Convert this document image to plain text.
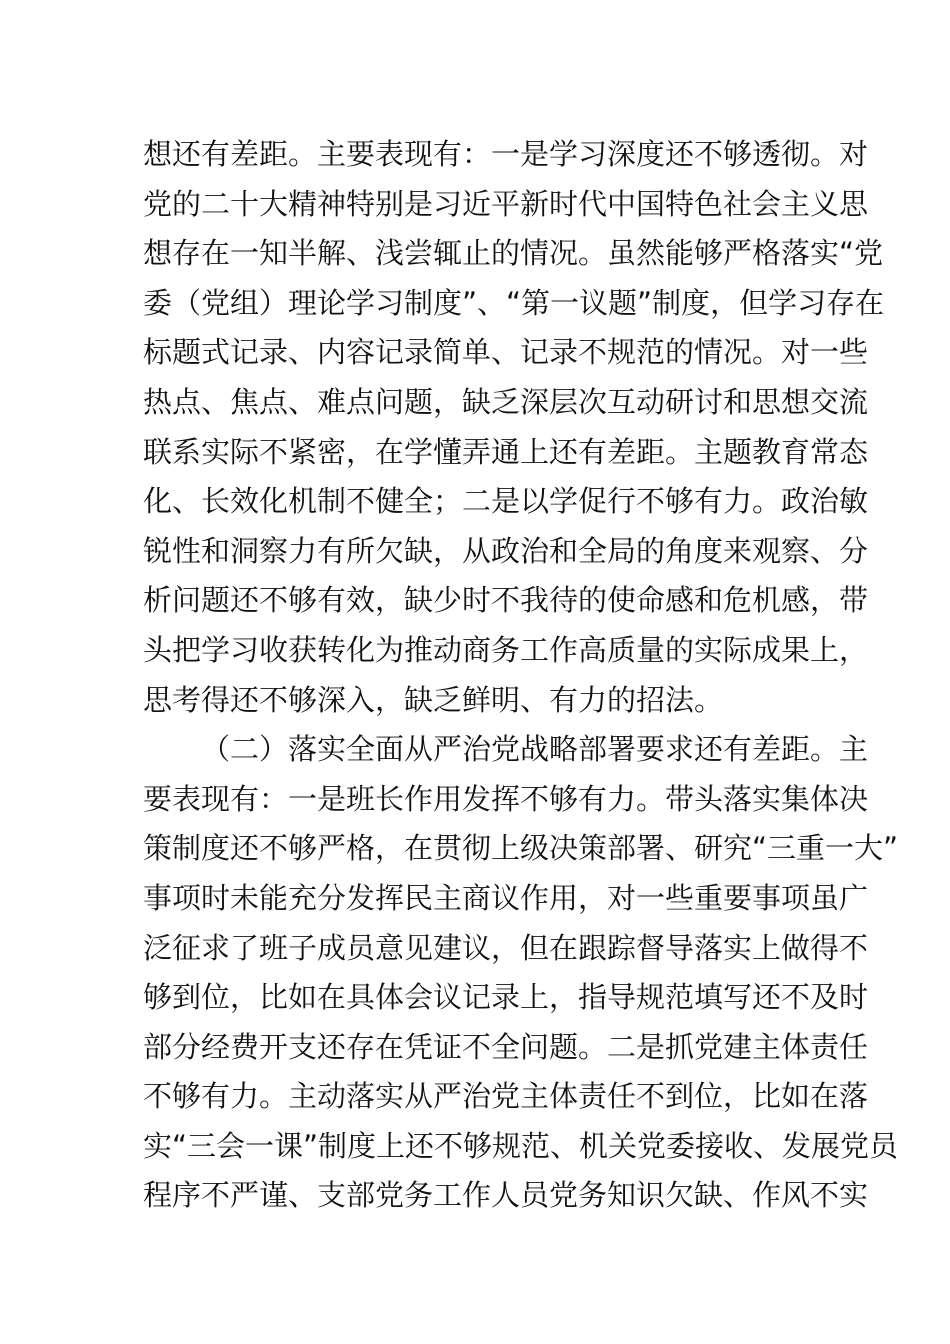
想还有差距。主要表现有：一是学习深度还不够透彻。对
党的二十大精神特别是习近平新时代中国特色社会主义思
想存在一知半解、浅尝辄止的情况。虽然能够严格落实“党
委（党组）理论学习制度”、“第一议题”制度，但学习存在
标题式记录、内容记录简单、记录不规范的情况。对一些
热点、焦点、难点问题，缺乏深层次互动研讨和思想交流
联系实际不紧密，在学懂弄通上还有差距。主题教育常态
化、长效化机制不健全；二是以学促行不够有力。政治敏
锐性和洞察力有所欠缺，从政治和全局的角度来观察、分
析问题还不够有效，缺少时不我待的使命感和危机感，带
头把学习收获转化为推动商务工作高质量的实际成果上，
思考得还不够深入，缺乏鲜明、有力的招法。
（二）落实全面从严治党战略部署要求还有差距。主
要表现有：一是班长作用发挥不够有力。带头落实集体决
策制度还不够严格，在贯彻上级决策部署、研究“三重一大”
事项时未能充分发挥民主商议作用，对一些重要事项虽广
泛征求了班子成员意见建议，但在跟踪督导落实上做得不
够到位，比如在具体会议记录上，指导规范填写还不及时
部分经费开支还存在凭证不全问题。二是抓党建主体责任
不够有力。主动落实从严治党主体责任不到位，比如在落
实“三会一课”制度上还不够规范、机关党委接收、发展党员
程序不严谨、支部党务工作人员党务知识欠缺、作风不实
